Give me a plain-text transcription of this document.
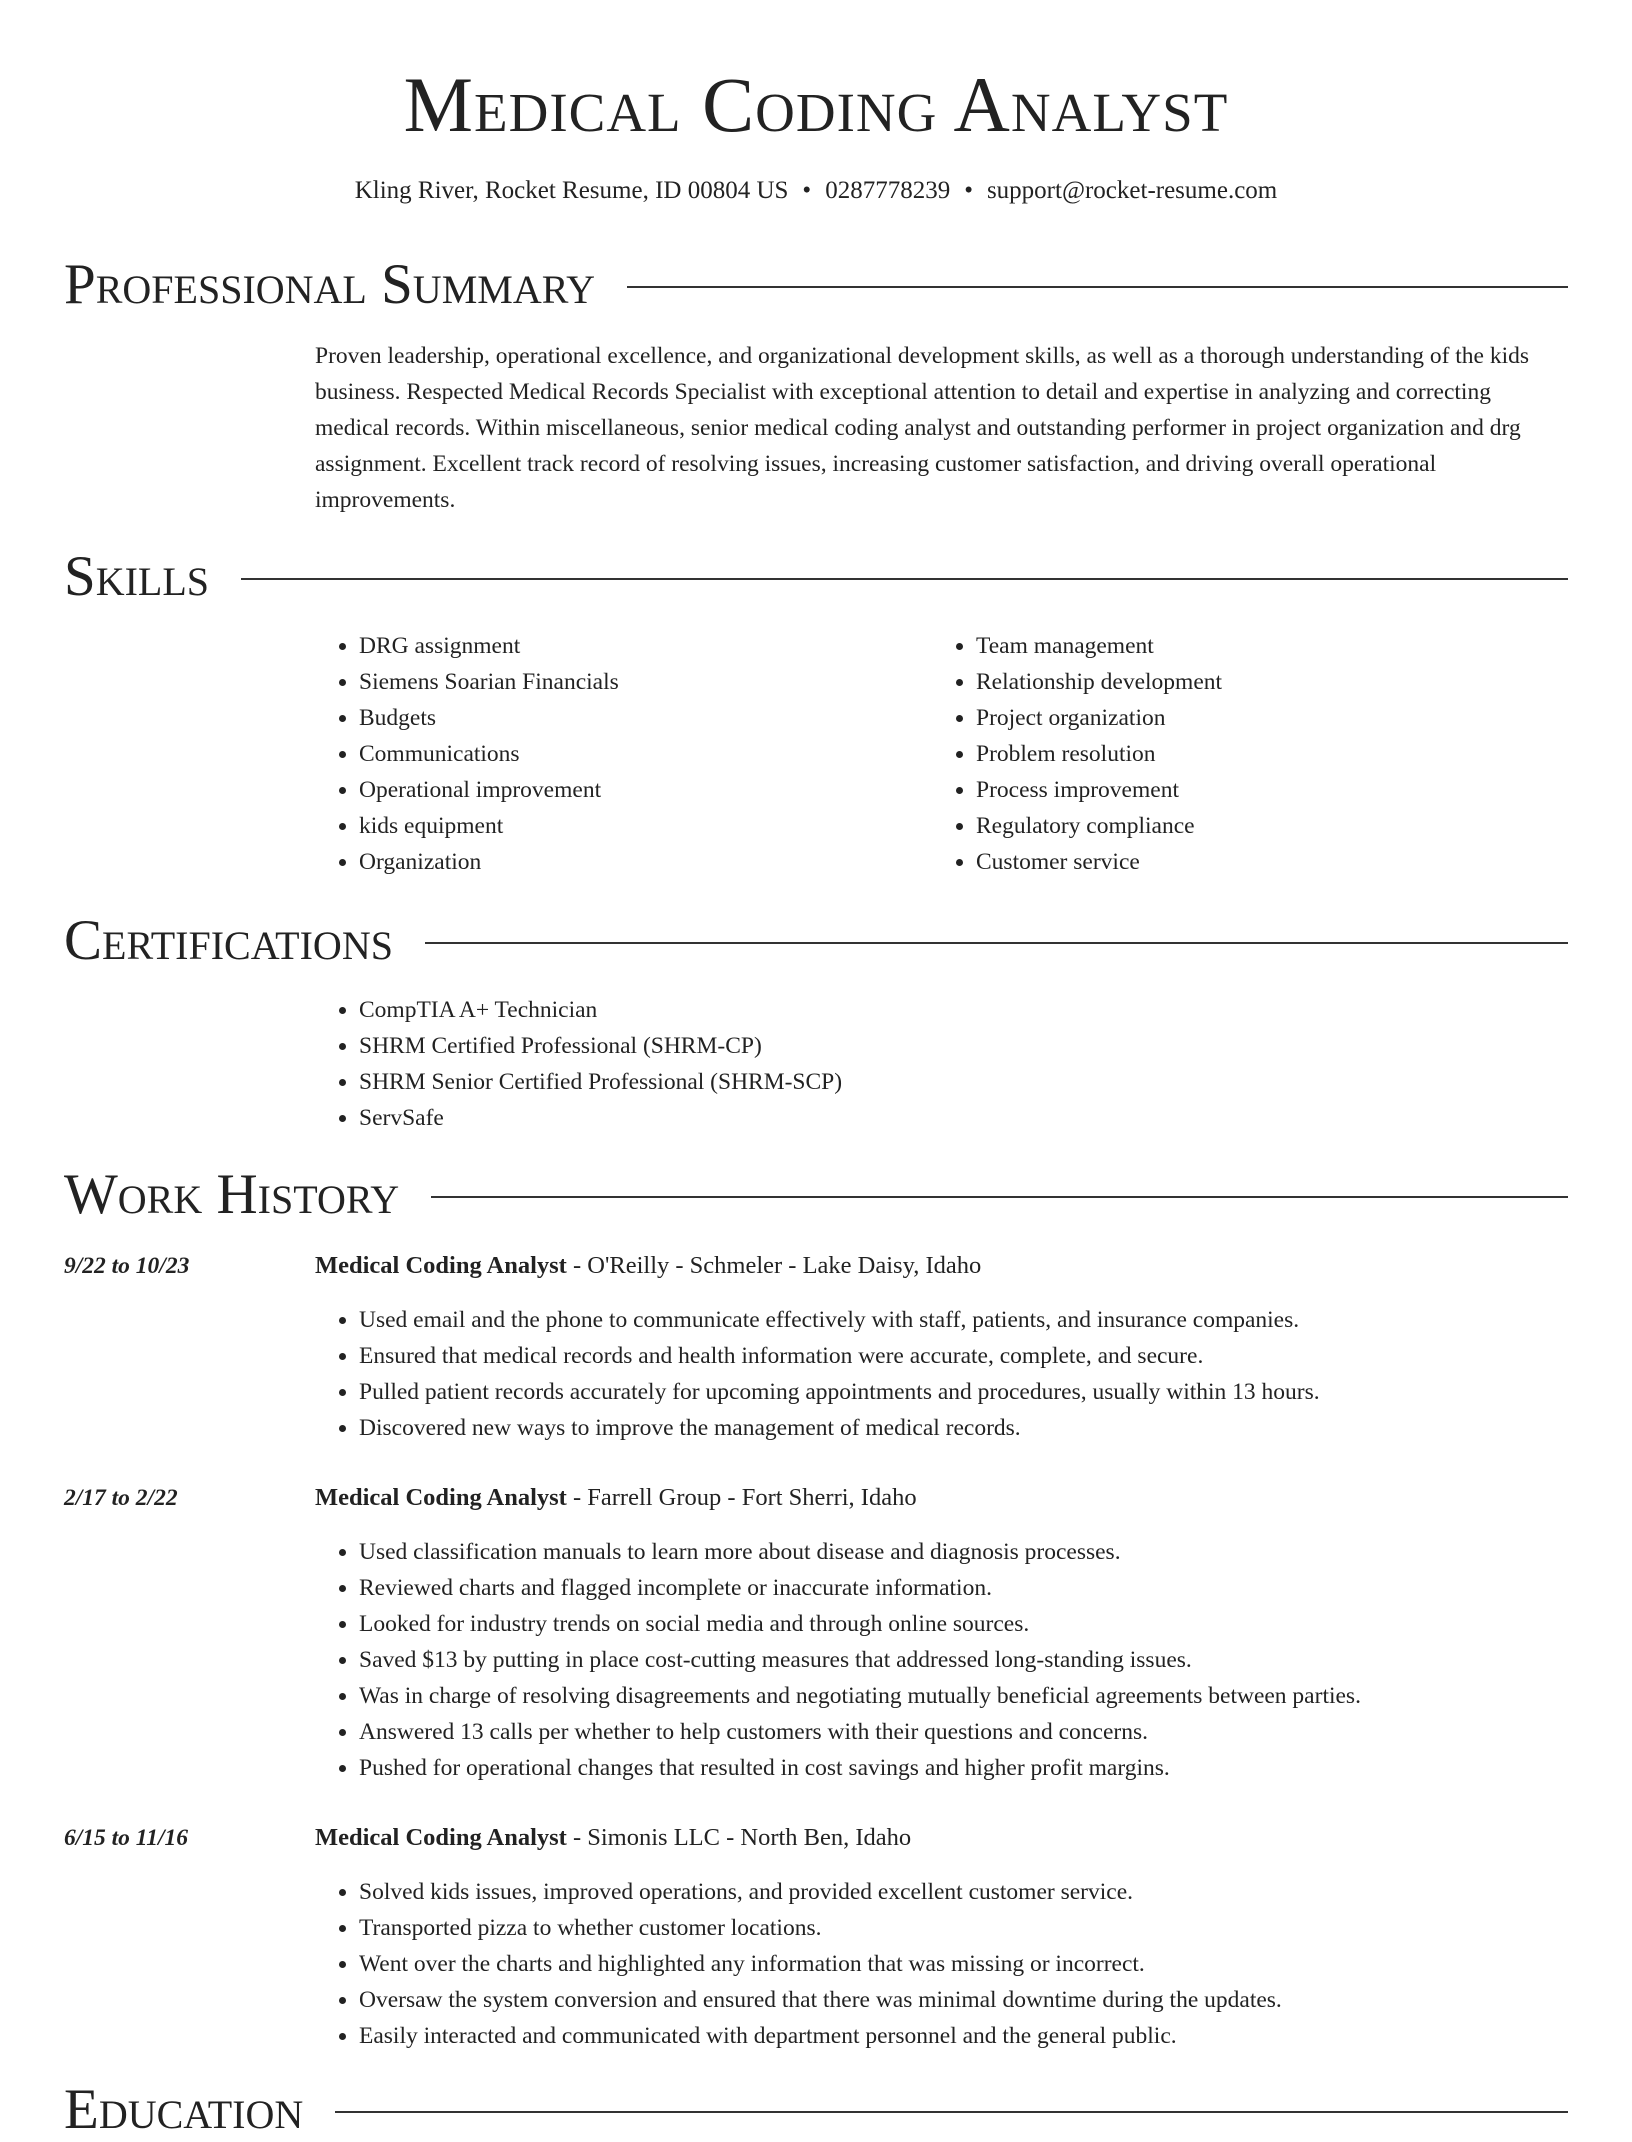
Medical Coding Analyst
Kling River, Rocket Resume, ID 00804 US • 0287778239 • support@rocket-resume.com
Professional Summary

Proven leadership, operational excellence, and organizational development skills, as well as a thorough understanding of the kids business. Respected Medical Records Specialist with exceptional attention to detail and expertise in analyzing and correcting medical records. Within miscellaneous, senior medical coding analyst and outstanding performer in project organization and drg assignment. Excellent track record of resolving issues, increasing customer satisfaction, and driving overall operational improvements.

Skills
• DRG assignment
• Siemens Soarian Financials
• Budgets
• Communications
• Operational improvement
• kids equipment
• Organization
• Team management
• Relationship development
• Project organization
• Problem resolution
• Process improvement
• Regulatory compliance
• Customer service
Certifications
• CompTIA A+ Technician
• SHRM Certified Professional (SHRM-CP)
• SHRM Senior Certified Professional (SHRM-SCP)
• ServSafe
Work History
9/22 to 10/23	Medical Coding Analyst - O'Reilly - Schmeler - Lake Daisy, Idaho
• Used email and the phone to communicate effectively with staff, patients, and insurance companies.
• Ensured that medical records and health information were accurate, complete, and secure.
• Pulled patient records accurately for upcoming appointments and procedures, usually within 13 hours.
• Discovered new ways to improve the management of medical records.
2/17 to 2/22	Medical Coding Analyst - Farrell Group - Fort Sherri, Idaho
• Used classification manuals to learn more about disease and diagnosis processes.
• Reviewed charts and flagged incomplete or inaccurate information.
• Looked for industry trends on social media and through online sources.
• Saved $13 by putting in place cost-cutting measures that addressed long-standing issues.
• Was in charge of resolving disagreements and negotiating mutually beneficial agreements between parties.
• Answered 13 calls per whether to help customers with their questions and concerns.
• Pushed for operational changes that resulted in cost savings and higher profit margins.
6/15 to 11/16	Medical Coding Analyst - Simonis LLC - North Ben, Idaho
• Solved kids issues, improved operations, and provided excellent customer service.
• Transported pizza to whether customer locations.
• Went over the charts and highlighted any information that was missing or incorrect.
• Oversaw the system conversion and ensured that there was minimal downtime during the updates.
• Easily interacted and communicated with department personnel and the general public.
Education
